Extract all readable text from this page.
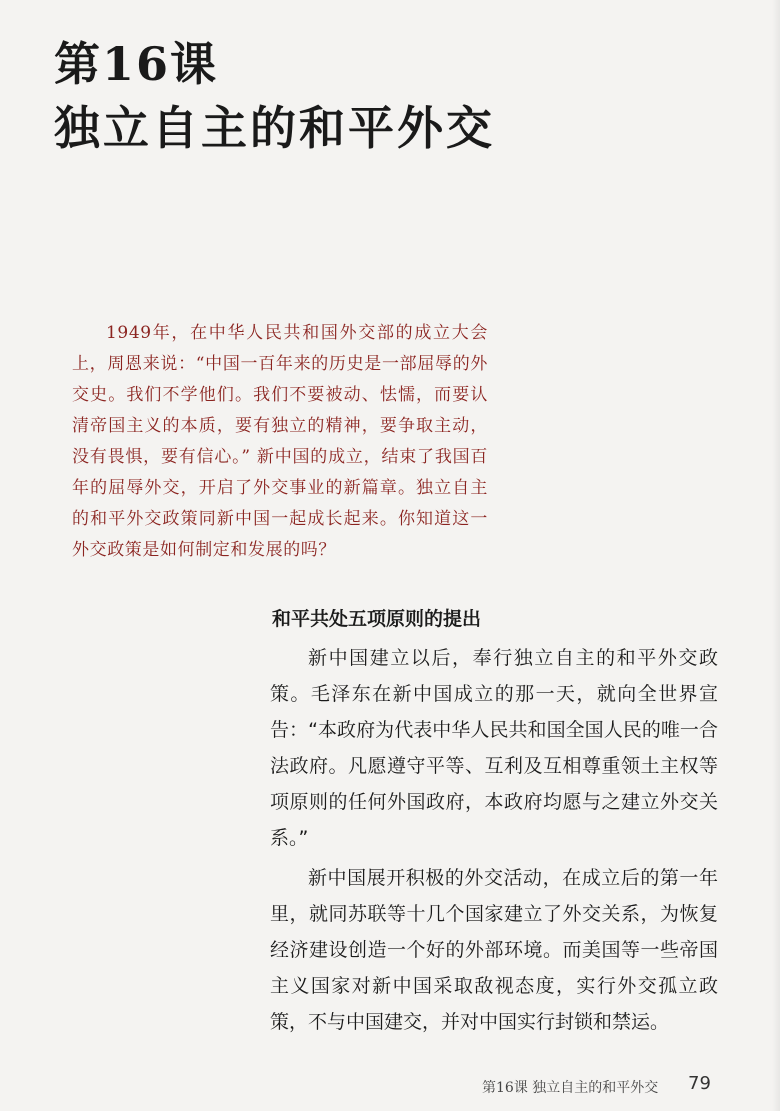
第16课
独立自主的和平外交
1949年，在中华人民共和国外交部的成立大会上，周恩来说：“中国一百年来的历史是一部屈辱的外交史。我们不学他们。我们不要被动、怯懦，而要认清帝国主义的本质，要有独立的精神，要争取主动，没有畏惧，要有信心。” 新中国的成立，结束了我国百年的屈辱外交，开启了外交事业的新篇章。独立自主的和平外交政策同新中国一起成长起来。你知道这一外交政策是如何制定和发展的吗？
和平共处五项原则的提出

新中国建立以后，奉行独立自主的和平外交政策。毛泽东在新中国成立的那一天，就向全世界宣告：“本政府为代表中华人民共和国全国人民的唯一合法政府。凡愿遵守平等、互利及互相尊重领土主权等项原则的任何外国政府，本政府均愿与之建立外交关系。”

新中国展开积极的外交活动，在成立后的第一年里，就同苏联等十几个国家建立了外交关系，为恢复经济建设创造一个好的外部环境。而美国等一些帝国主义国家对新中国采取敌视态度，实行外交孤立政策，不与中国建交，并对中国实行封锁和禁运。

第16课 独立自主的和平外交 79
